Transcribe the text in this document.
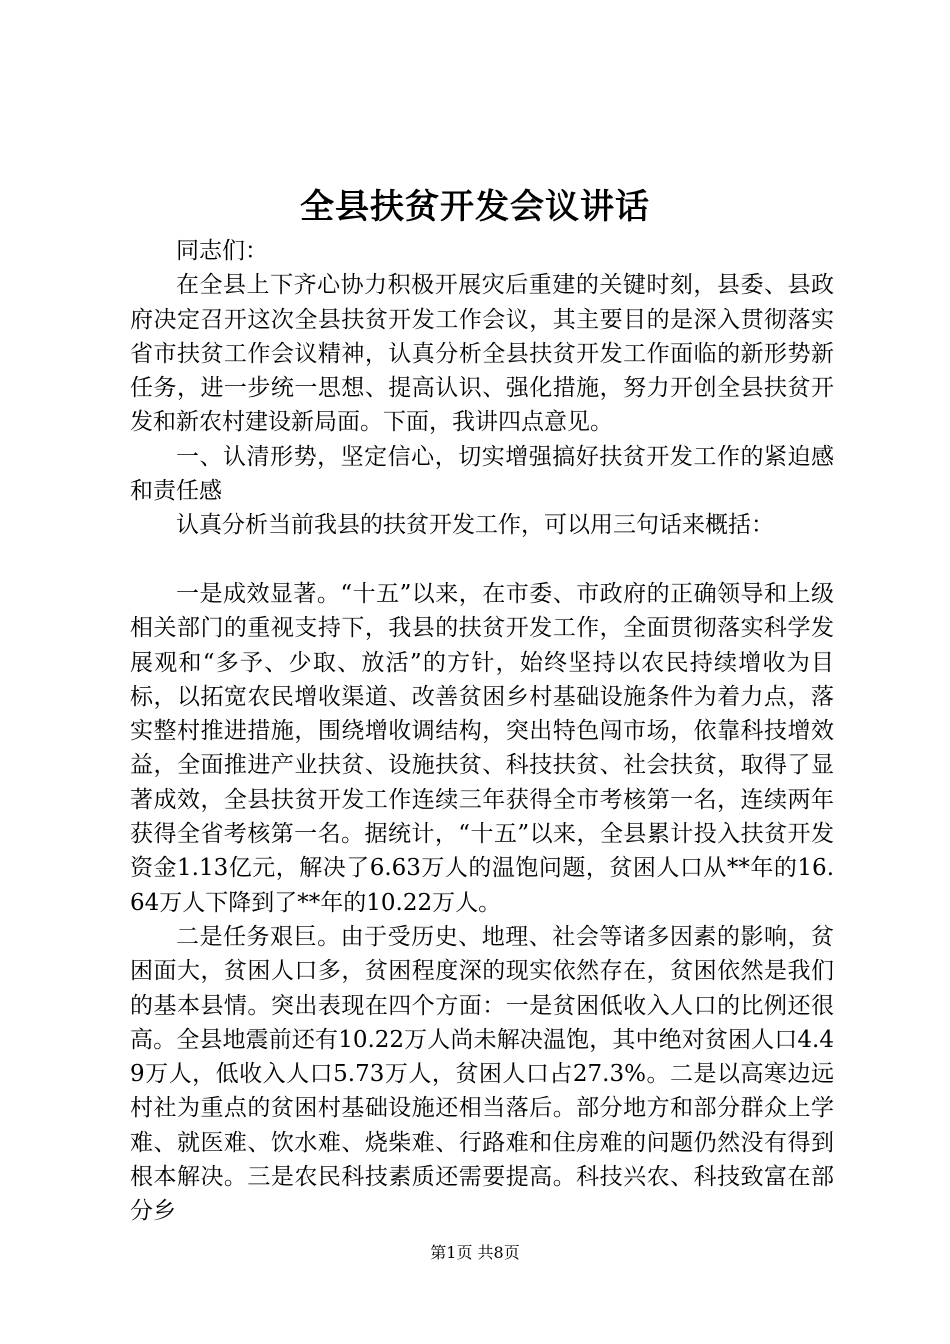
全县扶贫开发会议讲话

同志们：

在全县上下齐心协力积极开展灾后重建的关键时刻，县委、县政府决定召开这次全县扶贫开发工作会议，其主要目的是深入贯彻落实省市扶贫工作会议精神，认真分析全县扶贫开发工作面临的新形势新任务，进一步统一思想、提高认识、强化措施，努力开创全县扶贫开发和新农村建设新局面。下面，我讲四点意见。

一、认清形势，坚定信心，切实增强搞好扶贫开发工作的紧迫感和责任感

认真分析当前我县的扶贫开发工作，可以用三句话来概括：

一是成效显著。“十五”以来，在市委、市政府的正确领导和上级相关部门的重视支持下，我县的扶贫开发工作，全面贯彻落实科学发展观和“多予、少取、放活”的方针，始终坚持以农民持续增收为目标，以拓宽农民增收渠道、改善贫困乡村基础设施条件为着力点，落实整村推进措施，围绕增收调结构，突出特色闯市场，依靠科技增效益，全面推进产业扶贫、设施扶贫、科技扶贫、社会扶贫，取得了显著成效，全县扶贫开发工作连续三年获得全市考核第一名，连续两年获得全省考核第一名。据统计，“十五”以来，全县累计投入扶贫开发资金1.13亿元，解决了6.63万人的温饱问题，贫困人口从**年的16.64万人下降到了**年的10.22万人。

二是任务艰巨。由于受历史、地理、社会等诸多因素的影响，贫困面大，贫困人口多，贫困程度深的现实依然存在，贫困依然是我们的基本县情。突出表现在四个方面：一是贫困低收入人口的比例还很高。全县地震前还有10.22万人尚未解决温饱，其中绝对贫困人口4.49万人，低收入人口5.73万人，贫困人口占27.3%。二是以高寒边远村社为重点的贫困村基础设施还相当落后。部分地方和部分群众上学难、就医难、饮水难、烧柴难、行路难和住房难的问题仍然没有得到根本解决。三是农民科技素质还需要提高。科技兴农、科技致富在部分乡

第1页 共8页
